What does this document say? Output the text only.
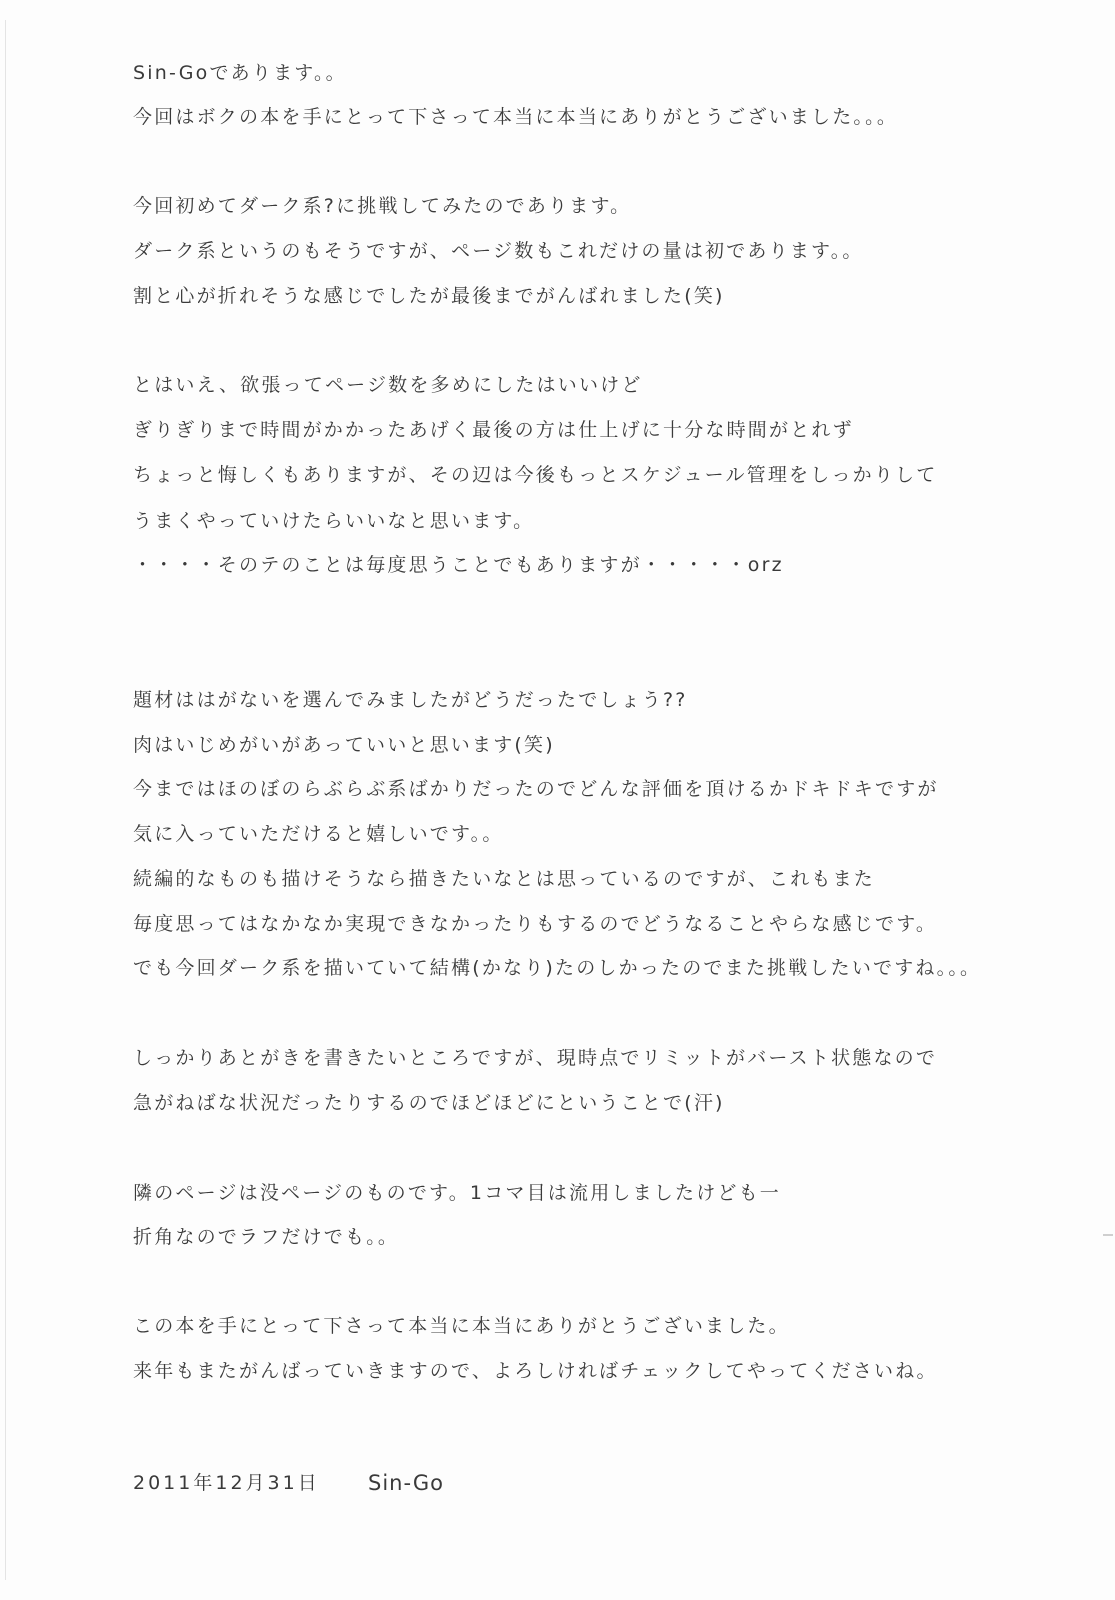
Sin-Goであります。。
今回はボクの本を手にとって下さって本当に本当にありがとうございました。。。
今回初めてダーク系?に挑戦してみたのであります。
ダーク系というのもそうですが、ページ数もこれだけの量は初であります。。
割と心が折れそうな感じでしたが最後までがんばれました(笑)
とはいえ、欲張ってページ数を多めにしたはいいけど
ぎりぎりまで時間がかかったあげく最後の方は仕上げに十分な時間がとれず
ちょっと悔しくもありますが、その辺は今後もっとスケジュール管理をしっかりして
うまくやっていけたらいいなと思います。
・・・・そのテのことは毎度思うことでもありますが・・・・・orz
題材ははがないを選んでみましたがどうだったでしょう??
肉はいじめがいがあっていいと思います(笑)
今まではほのぼのらぶらぶ系ばかりだったのでどんな評価を頂けるかドキドキですが
気に入っていただけると嬉しいです。。
続編的なものも描けそうなら描きたいなとは思っているのですが、これもまた
毎度思ってはなかなか実現できなかったりもするのでどうなることやらな感じです。
でも今回ダーク系を描いていて結構(かなり)たのしかったのでまた挑戦したいですね。。。
しっかりあとがきを書きたいところですが、現時点でリミットがバースト状態なので
急がねばな状況だったりするのでほどほどにということで(汗)
隣のページは没ページのものです。1コマ目は流用しましたけども一
折角なのでラフだけでも。。
この本を手にとって下さって本当に本当にありがとうございました。
来年もまたがんばっていきますので、よろしければチェックしてやってくださいね。
2011年12月31日 Sin-Go
